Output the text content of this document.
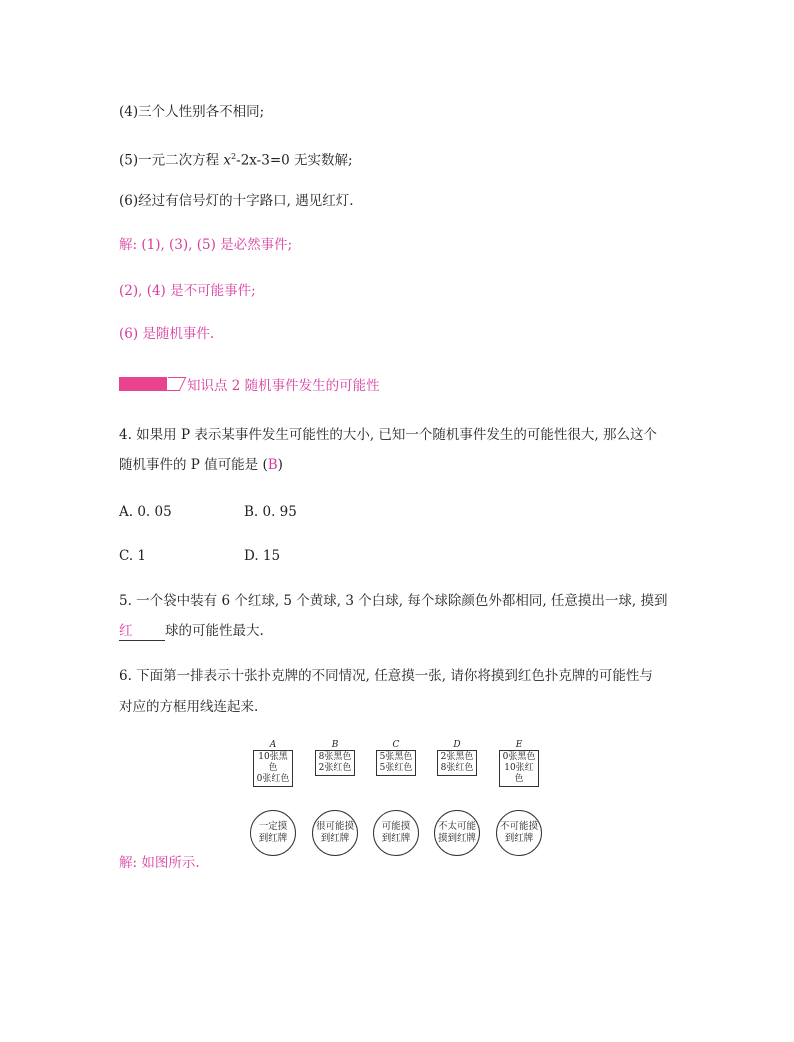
(4)三个人性别各不相同;
(5)一元二次方程 $x^2-2x-3=0$ 无实数解;
(6)经过有信号灯的十字路口, 遇见红灯.
解: (1), (3), (5) 是必然事件;
(2), (4) 是不可能事件;
(6) 是随机事件.
知识点 2 随机事件发生的可能性
4. 如果用 P 表示某事件发生可能性的大小, 已知一个随机事件发生的可能性很大, 那么这个
随机事件的 P 值可能是 (B)
A. 0. 05	B. 0. 95
C. 1	D. 15
5. 一个袋中装有 6 个红球, 5 个黄球, 3 个白球, 每个球除颜色外都相同, 任意摸出一球, 摸到
红 球的可能性最大.
6. 下面第一排表示十张扑克牌的不同情况, 任意摸一张, 请你将摸到红色扑克牌的可能性与
对应的方框用线连起来.
A
10张黑色
0张红色
B
8张黑色
2张红色
C
5张黑色
5张红色
D
2张黑色
8张红色
E
0张黑色
10张红色
一定摸
到红牌
很可能摸
到红牌
可能摸
到红牌
不太可能
摸到红牌
不可能摸
到红牌
解: 如图所示.
